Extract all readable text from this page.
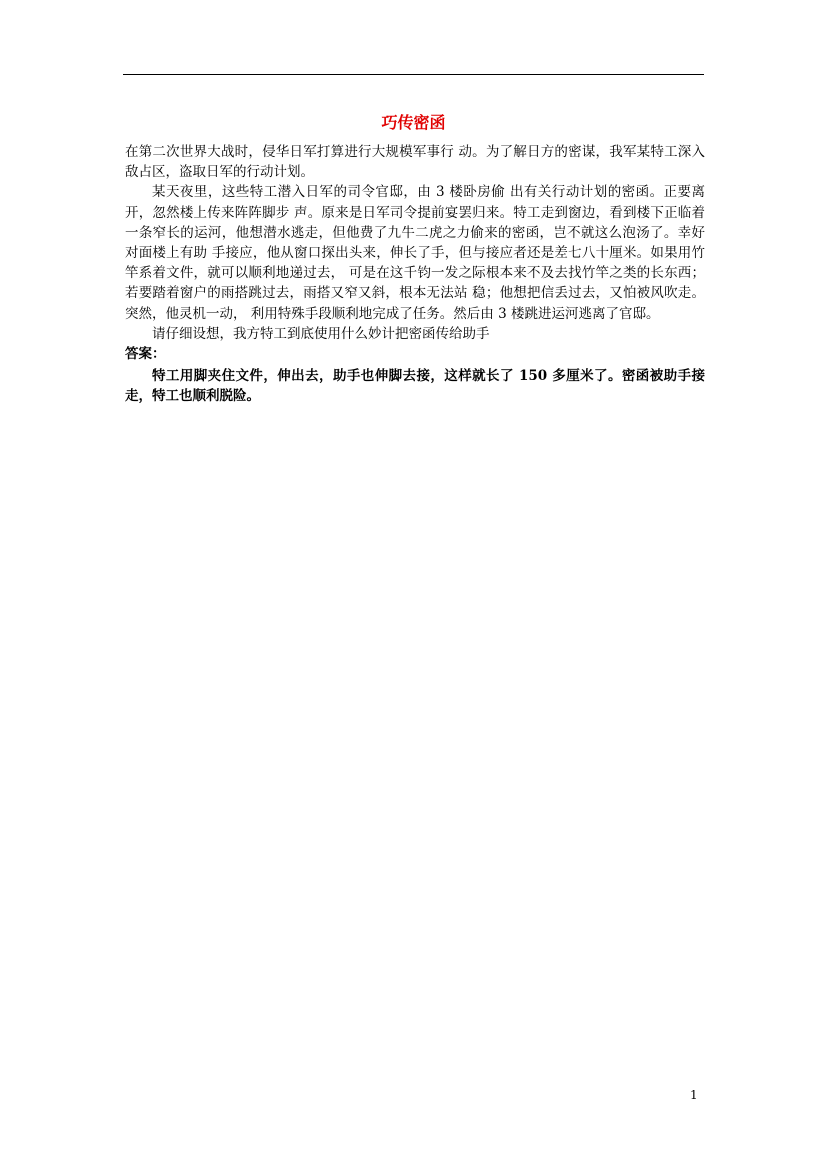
巧传密函

在第二次世界大战时，侵华日军打算进行大规模军事行 动。为了解日方的密谋，我军某特工深入敌占区，盗取日军的行动计划。

某天夜里，这些特工潜入日军的司令官邸，由 3 楼卧房偷 出有关行动计划的密函。正要离开，忽然楼上传来阵阵脚步 声。原来是日军司令提前宴罢归来。特工走到窗边，看到楼下正临着一条窄长的运河，他想潜水逃走，但他费了九牛二虎之力偷来的密函，岂不就这么泡汤了。幸好对面楼上有助 手接应，他从窗口探出头来，伸长了手，但与接应者还是差七八十厘米。如果用竹竿系着文件，就可以顺利地递过去， 可是在这千钧一发之际根本来不及去找竹竿之类的长东西；若要踏着窗户的雨搭跳过去，雨搭又窄又斜，根本无法站 稳；他想把信丢过去，又怕被风吹走。突然，他灵机一动， 利用特殊手段顺利地完成了任务。然后由 3 楼跳进运河逃离了官邸。

请仔细设想，我方特工到底使用什么妙计把密函传给助手

答案：

特工用脚夹住文件，伸出去，助手也伸脚去接，这样就长了 150 多厘米了。密函被助手接走，特工也顺利脱险。

1
